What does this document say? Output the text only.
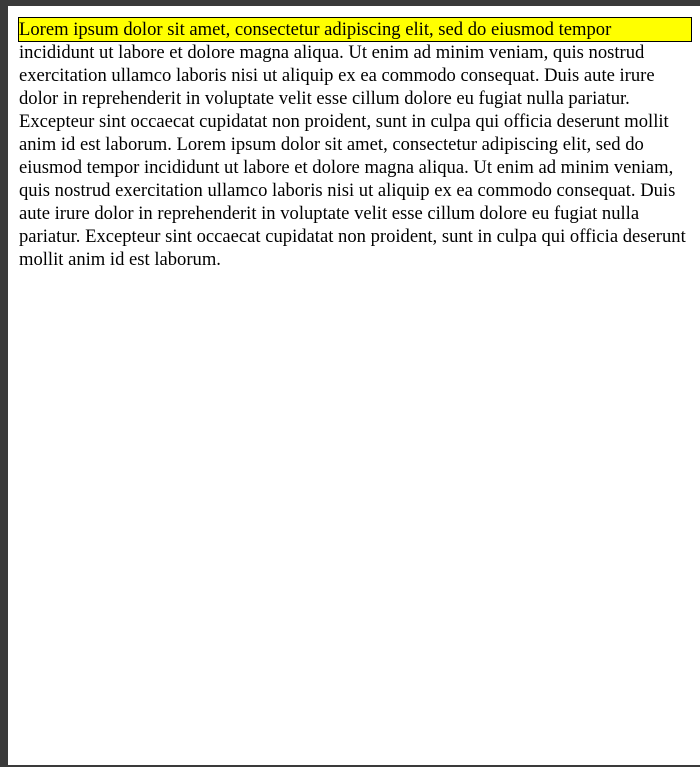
Lorem ipsum dolor sit amet, consectetur adipiscing elit, sed do eiusmod temporincididunt ut labore et dolore magna aliqua. Ut enim ad minim veniam, quis nostrud exercitation ullamco laboris nisi ut aliquip ex ea commodo consequat. Duis aute irure dolor in reprehenderit in voluptate velit esse cillum dolore eu fugiat nulla pariatur. Excepteur sint occaecat cupidatat non proident, sunt in culpa qui officia deserunt mollit anim id est laborum. Lorem ipsum dolor sit amet, consectetur adipiscing elit, sed do eiusmod tempor incididunt ut labore et dolore magna aliqua. Ut enim ad minim veniam, quis nostrud exercitation ullamco laboris nisi ut aliquip ex ea commodo consequat. Duis aute irure dolor in reprehenderit in voluptate velit esse cillum dolore eu fugiat nulla pariatur. Excepteur sint occaecat cupidatat non proident, sunt in culpa qui officia deserunt mollit anim id est laborum.
